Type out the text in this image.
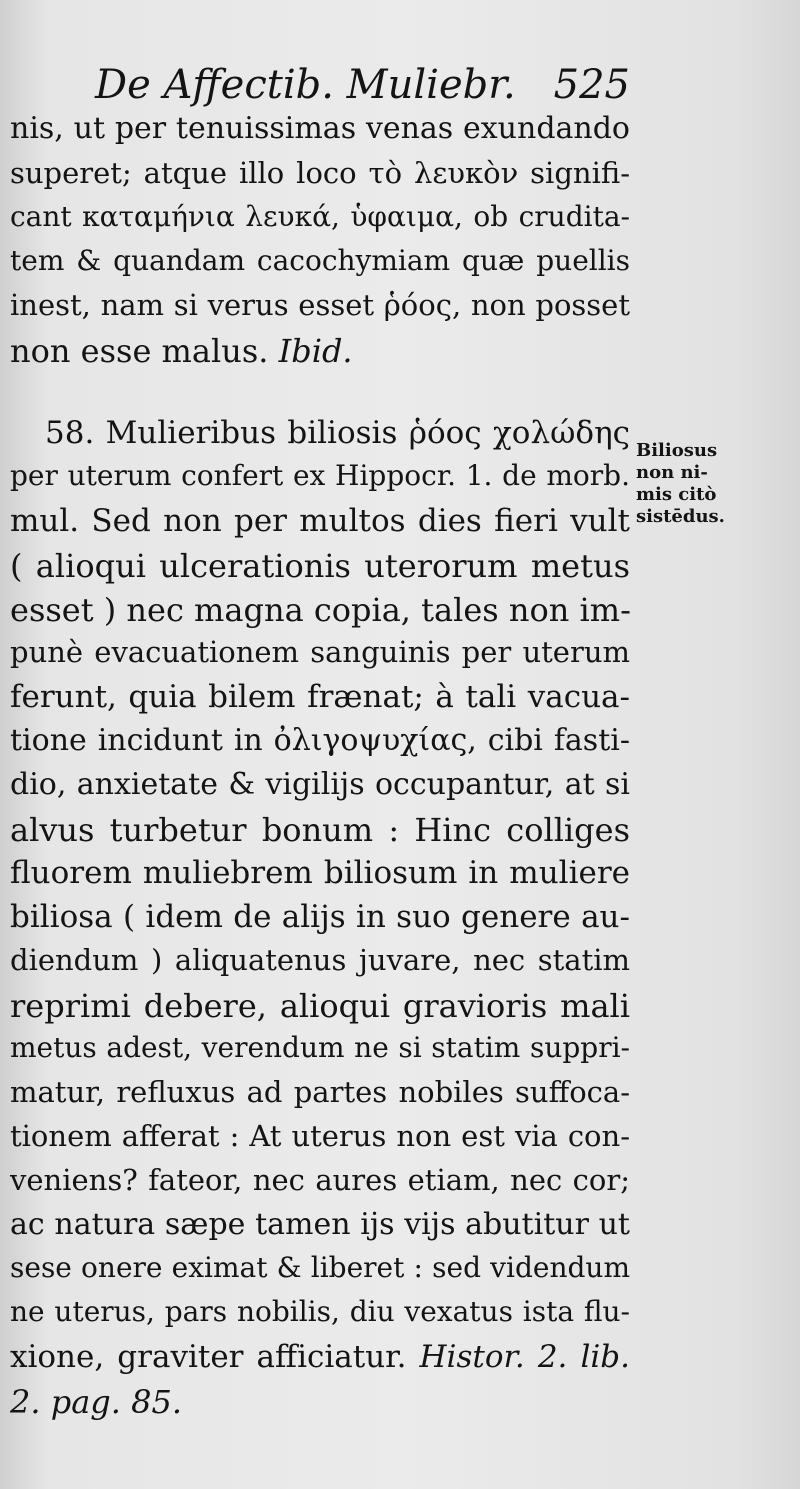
De Affectib. Muliebr. 525
nis, ut per tenuissimas venas exundando
superet; atque illo loco τὸ λευκὸν signifi-
cant καταμήνια λευκά, ὑφαιμα, ob crudita-
tem & quandam cacochymiam quæ puellis
inest, nam si verus esset ῥόος, non posset
non esse malus. Ibid.
58. Mulieribus biliosis ῥόος χολώδης
per uterum confert ex Hippocr. 1. de morb.
mul. Sed non per multos dies fieri vult
( alioqui ulcerationis uterorum metus
esset ) nec magna copia, tales non im-
punè evacuationem sanguinis per uterum
ferunt, quia bilem frænat; à tali vacua-
tione incidunt in ὀλιγοψυχίας, cibi fasti-
dio, anxietate & vigilijs occupantur, at si
alvus turbetur bonum : Hinc colliges
fluorem muliebrem biliosum in muliere
biliosa ( idem de alijs in suo genere au-
diendum ) aliquatenus juvare, nec statim
reprimi debere, alioqui gravioris mali
metus adest, verendum ne si statim suppri-
matur, refluxus ad partes nobiles suffoca-
tionem afferat : At uterus non est via con-
veniens? fateor, nec aures etiam, nec cor;
ac natura sæpe tamen ijs vijs abutitur ut
sese onere eximat & liberet : sed videndum
ne uterus, pars nobilis, diu vexatus ista flu-
xione, graviter afficiatur. Histor. 2. lib.
2. pag. 85.
Biliosus
non ni-
mis citò
sistēdus.
